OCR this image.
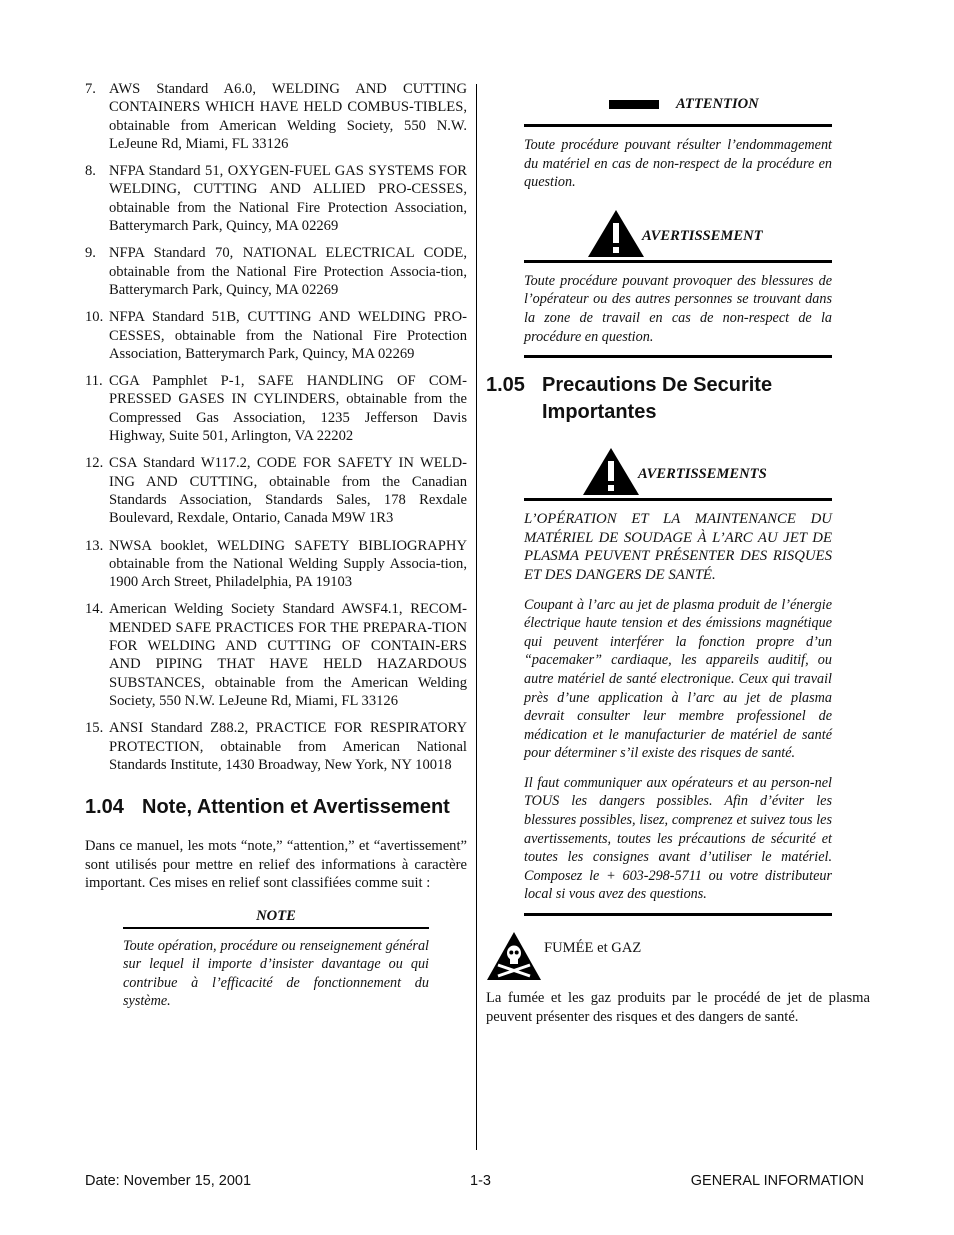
7. AWS Standard A6.0, WELDING AND CUTTING CONTAINERS WHICH HAVE HELD COMBUS-TIBLES, obtainable from American Welding Society, 550 N.W. LeJeune Rd, Miami, FL 33126
8. NFPA Standard 51, OXYGEN-FUEL GAS SYSTEMS FOR WELDING, CUTTING AND ALLIED PRO-CESSES, obtainable from the National Fire Protection Association, Batterymarch Park, Quincy, MA 02269
9. NFPA Standard 70, NATIONAL ELECTRICAL CODE, obtainable from the National Fire Protection Associa-tion, Batterymarch Park, Quincy, MA 02269
10. NFPA Standard 51B, CUTTING AND WELDING PRO-CESSES, obtainable from the National Fire Protection Association, Batterymarch Park, Quincy, MA 02269
11. CGA Pamphlet P-1, SAFE HANDLING OF COM-PRESSED GASES IN CYLINDERS, obtainable from the Compressed Gas Association, 1235 Jefferson Davis Highway, Suite 501, Arlington, VA 22202
12. CSA Standard W117.2, CODE FOR SAFETY IN WELD-ING AND CUTTING, obtainable from the Canadian Standards Association, Standards Sales, 178 Rexdale Boulevard, Rexdale, Ontario, Canada M9W 1R3
13. NWSA booklet, WELDING SAFETY BIBLIOGRAPHY obtainable from the National Welding Supply Associa-tion, 1900 Arch Street, Philadelphia, PA 19103
14. American Welding Society Standard AWSF4.1, RECOM-MENDED SAFE PRACTICES FOR THE PREPARA-TION FOR WELDING AND CUTTING OF CONTAIN-ERS AND PIPING THAT HAVE HELD HAZARDOUS SUBSTANCES, obtainable from the American Welding Society, 550 N.W. LeJeune Rd, Miami, FL 33126
15. ANSI Standard Z88.2, PRACTICE FOR RESPIRATORY PROTECTION, obtainable from American National Standards Institute, 1430 Broadway, New York, NY 10018
1.04 Note, Attention et Avertissement

Dans ce manuel, les mots “note,” “attention,” et “avertissement” sont utilisés pour mettre en relief des informations à caractère important. Ces mises en relief sont classifiées comme suit :

NOTE

Toute opération, procédure ou renseignement général sur lequel il importe d’insister davantage ou qui contribue à l’efficacité de fonctionnement du système.

ATTENTION

Toute procédure pouvant résulter l’endommagement du matériel en cas de non-respect de la procédure en question.

AVERTISSEMENT

Toute procédure pouvant provoquer des blessures de l’opérateur ou des autres personnes se trouvant dans la zone de travail en cas de non-respect de la procédure en question.

1.05 Precautions De Securite Importantes
AVERTISSEMENTS

L’OPÉRATION ET LA MAINTENANCE DU MATÉRIEL DE SOUDAGE À L’ARC AU JET DE PLASMA PEUVENT PRÉSENTER DES RISQUES ET DES DANGERS DE SANTÉ.

Coupant à l’arc au jet de plasma produit de l’énergie électrique haute tension et des émissions magnétique qui peuvent interférer la fonction propre d’un “pacemaker” cardiaque, les appareils auditif, ou autre matériel de santé electronique. Ceux qui travail près d’une application à l’arc au jet de plasma devrait consulter leur membre professionel de médication et le manufacturier de matériel de santé pour déterminer s’il existe des risques de santé.

Il faut communiquer aux opérateurs et au person-nel TOUS les dangers possibles. Afin d’éviter les blessures possibles, lisez, comprenez et suivez tous les avertissements, toutes les précautions de sécurité et toutes les consignes avant d’utiliser le matériel. Composez le + 603-298-5711 ou votre distributeur local si vous avez des questions.

FUMÉE et GAZ

La fumée et les gaz produits par le procédé de jet de plasma peuvent présenter des risques et des dangers de santé.

Date: November 15, 2001	1-3	GENERAL INFORMATION
